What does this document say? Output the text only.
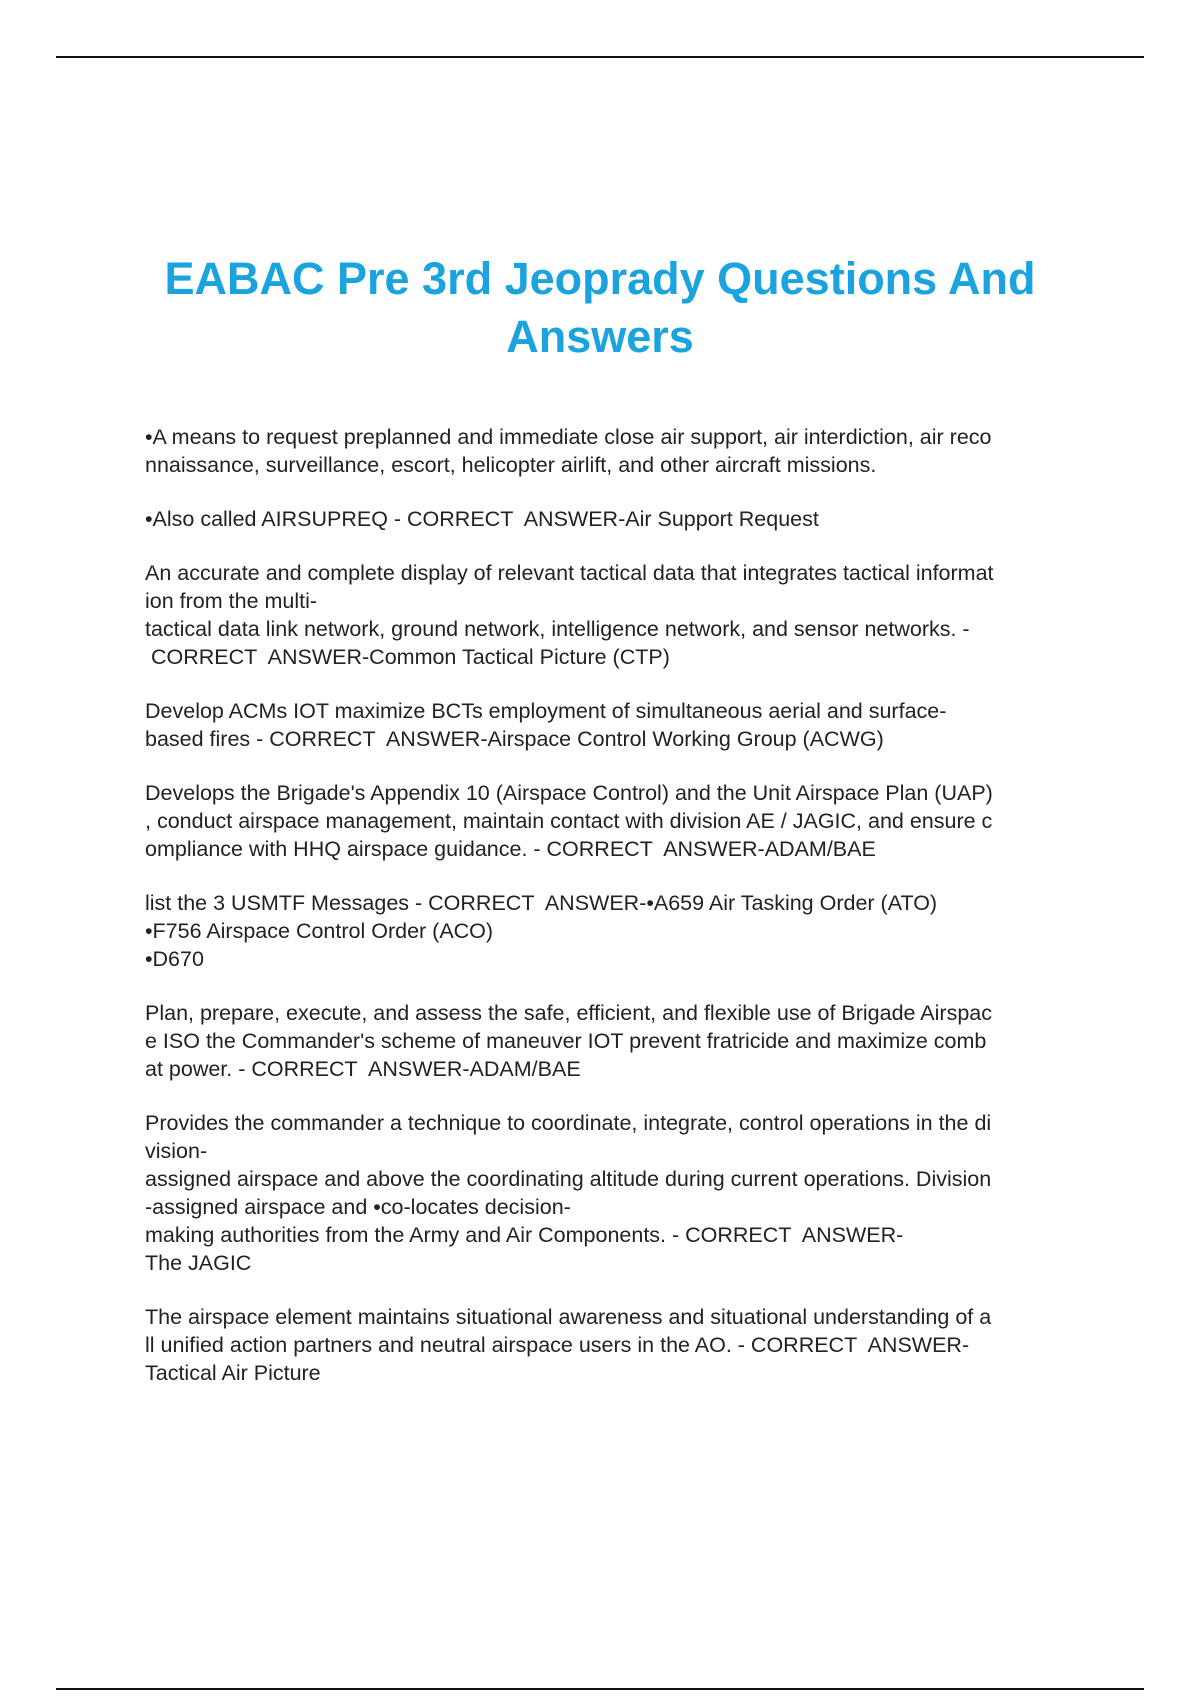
EABAC Pre 3rd Jeoprady Questions And Answers

•A means to request preplanned and immediate close air support, air interdiction, air reco
nnaissance, surveillance, escort, helicopter airlift, and other aircraft missions.

•Also called AIRSUPREQ - CORRECT  ANSWER-Air Support Request

An accurate and complete display of relevant tactical data that integrates tactical informat
ion from the multi-
tactical data link network, ground network, intelligence network, and sensor networks. -
CORRECT  ANSWER-Common Tactical Picture (CTP)

Develop ACMs IOT maximize BCTs employment of simultaneous aerial and surface-
based fires - CORRECT  ANSWER-Airspace Control Working Group (ACWG)

Develops the Brigade's Appendix 10 (Airspace Control) and the Unit Airspace Plan (UAP)
, conduct airspace management, maintain contact with division AE / JAGIC, and ensure c
ompliance with HHQ airspace guidance. - CORRECT  ANSWER-ADAM/BAE

list the 3 USMTF Messages - CORRECT  ANSWER-•A659 Air Tasking Order (ATO)
•F756 Airspace Control Order (ACO)
•D670

Plan, prepare, execute, and assess the safe, efficient, and flexible use of Brigade Airspac
e ISO the Commander's scheme of maneuver IOT prevent fratricide and maximize comb
at power. - CORRECT  ANSWER-ADAM/BAE

Provides the commander a technique to coordinate, integrate, control operations in the di
vision-
assigned airspace and above the coordinating altitude during current operations. Division
-assigned airspace and •co-locates decision-
making authorities from the Army and Air Components. - CORRECT  ANSWER-
The JAGIC

The airspace element maintains situational awareness and situational understanding of a
ll unified action partners and neutral airspace users in the AO. - CORRECT  ANSWER-
Tactical Air Picture
